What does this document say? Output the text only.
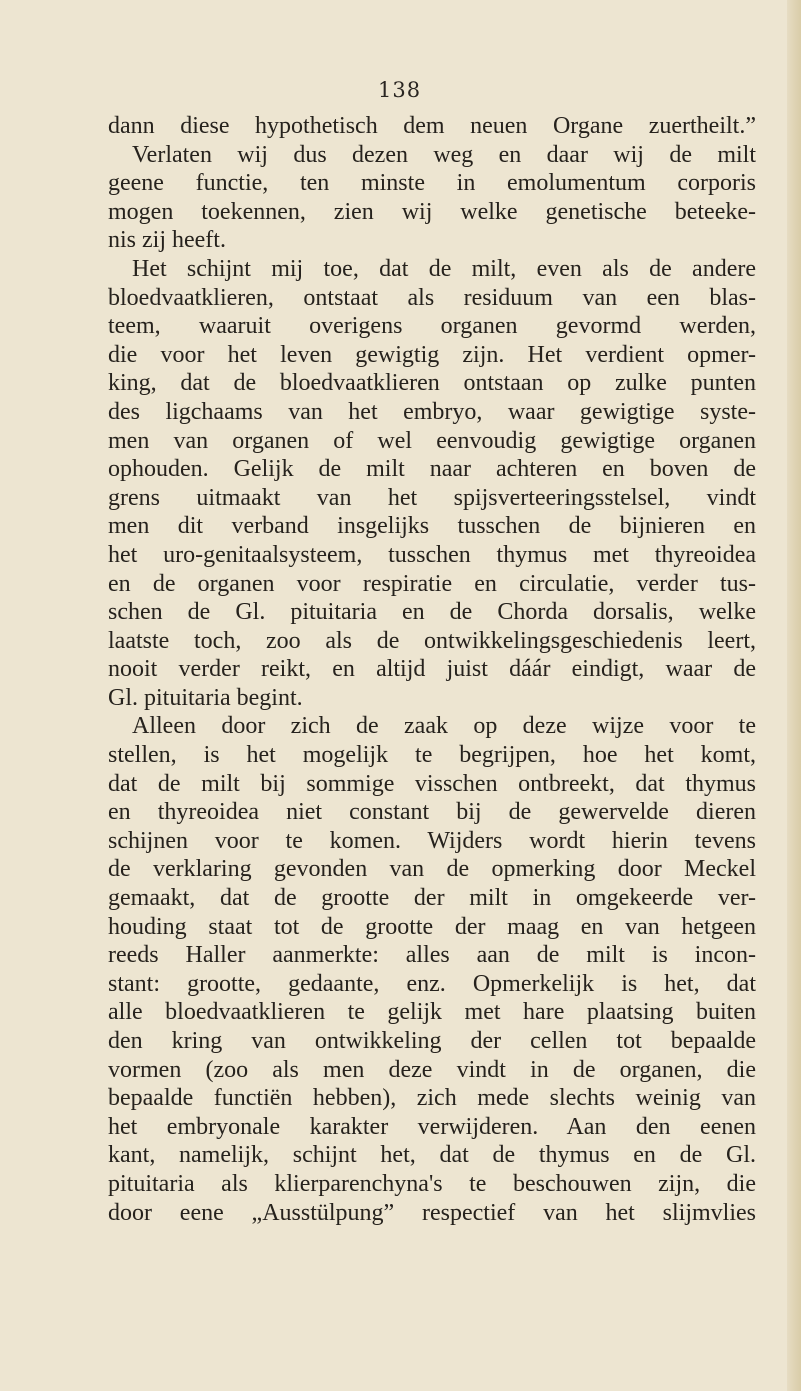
138
dann diese hypothetisch dem neuen Organe zuertheilt.”
Verlaten wij dus dezen weg en daar wij de milt
geene functie, ten minste in emolumentum corporis
mogen toekennen, zien wij welke genetische beteeke-
nis zij heeft.
Het schijnt mij toe, dat de milt, even als de andere
bloedvaatklieren, ontstaat als residuum van een blas-
teem, waaruit overigens organen gevormd werden,
die voor het leven gewigtig zijn. Het verdient opmer-
king, dat de bloedvaatklieren ontstaan op zulke punten
des ligchaams van het embryo, waar gewigtige syste-
men van organen of wel eenvoudig gewigtige organen
ophouden. Gelijk de milt naar achteren en boven de
grens uitmaakt van het spijsverteeringsstelsel, vindt
men dit verband insgelijks tusschen de bijnieren en
het uro-genitaalsysteem, tusschen thymus met thyreoidea
en de organen voor respiratie en circulatie, verder tus-
schen de Gl. pituitaria en de Chorda dorsalis, welke
laatste toch, zoo als de ontwikkelingsgeschiedenis leert,
nooit verder reikt, en altijd juist dáár eindigt, waar de
Gl. pituitaria begint.
Alleen door zich de zaak op deze wijze voor te
stellen, is het mogelijk te begrijpen, hoe het komt,
dat de milt bij sommige visschen ontbreekt, dat thymus
en thyreoidea niet constant bij de gewervelde dieren
schijnen voor te komen. Wijders wordt hierin tevens
de verklaring gevonden van de opmerking door Meckel
gemaakt, dat de grootte der milt in omgekeerde ver-
houding staat tot de grootte der maag en van hetgeen
reeds Haller aanmerkte: alles aan de milt is incon-
stant: grootte, gedaante, enz. Opmerkelijk is het, dat
alle bloedvaatklieren te gelijk met hare plaatsing buiten
den kring van ontwikkeling der cellen tot bepaalde
vormen (zoo als men deze vindt in de organen, die
bepaalde functiën hebben), zich mede slechts weinig van
het embryonale karakter verwijderen. Aan den eenen
kant, namelijk, schijnt het, dat de thymus en de Gl.
pituitaria als klierparenchyna's te beschouwen zijn, die
door eene „Ausstülpung” respectief van het slijmvlies
